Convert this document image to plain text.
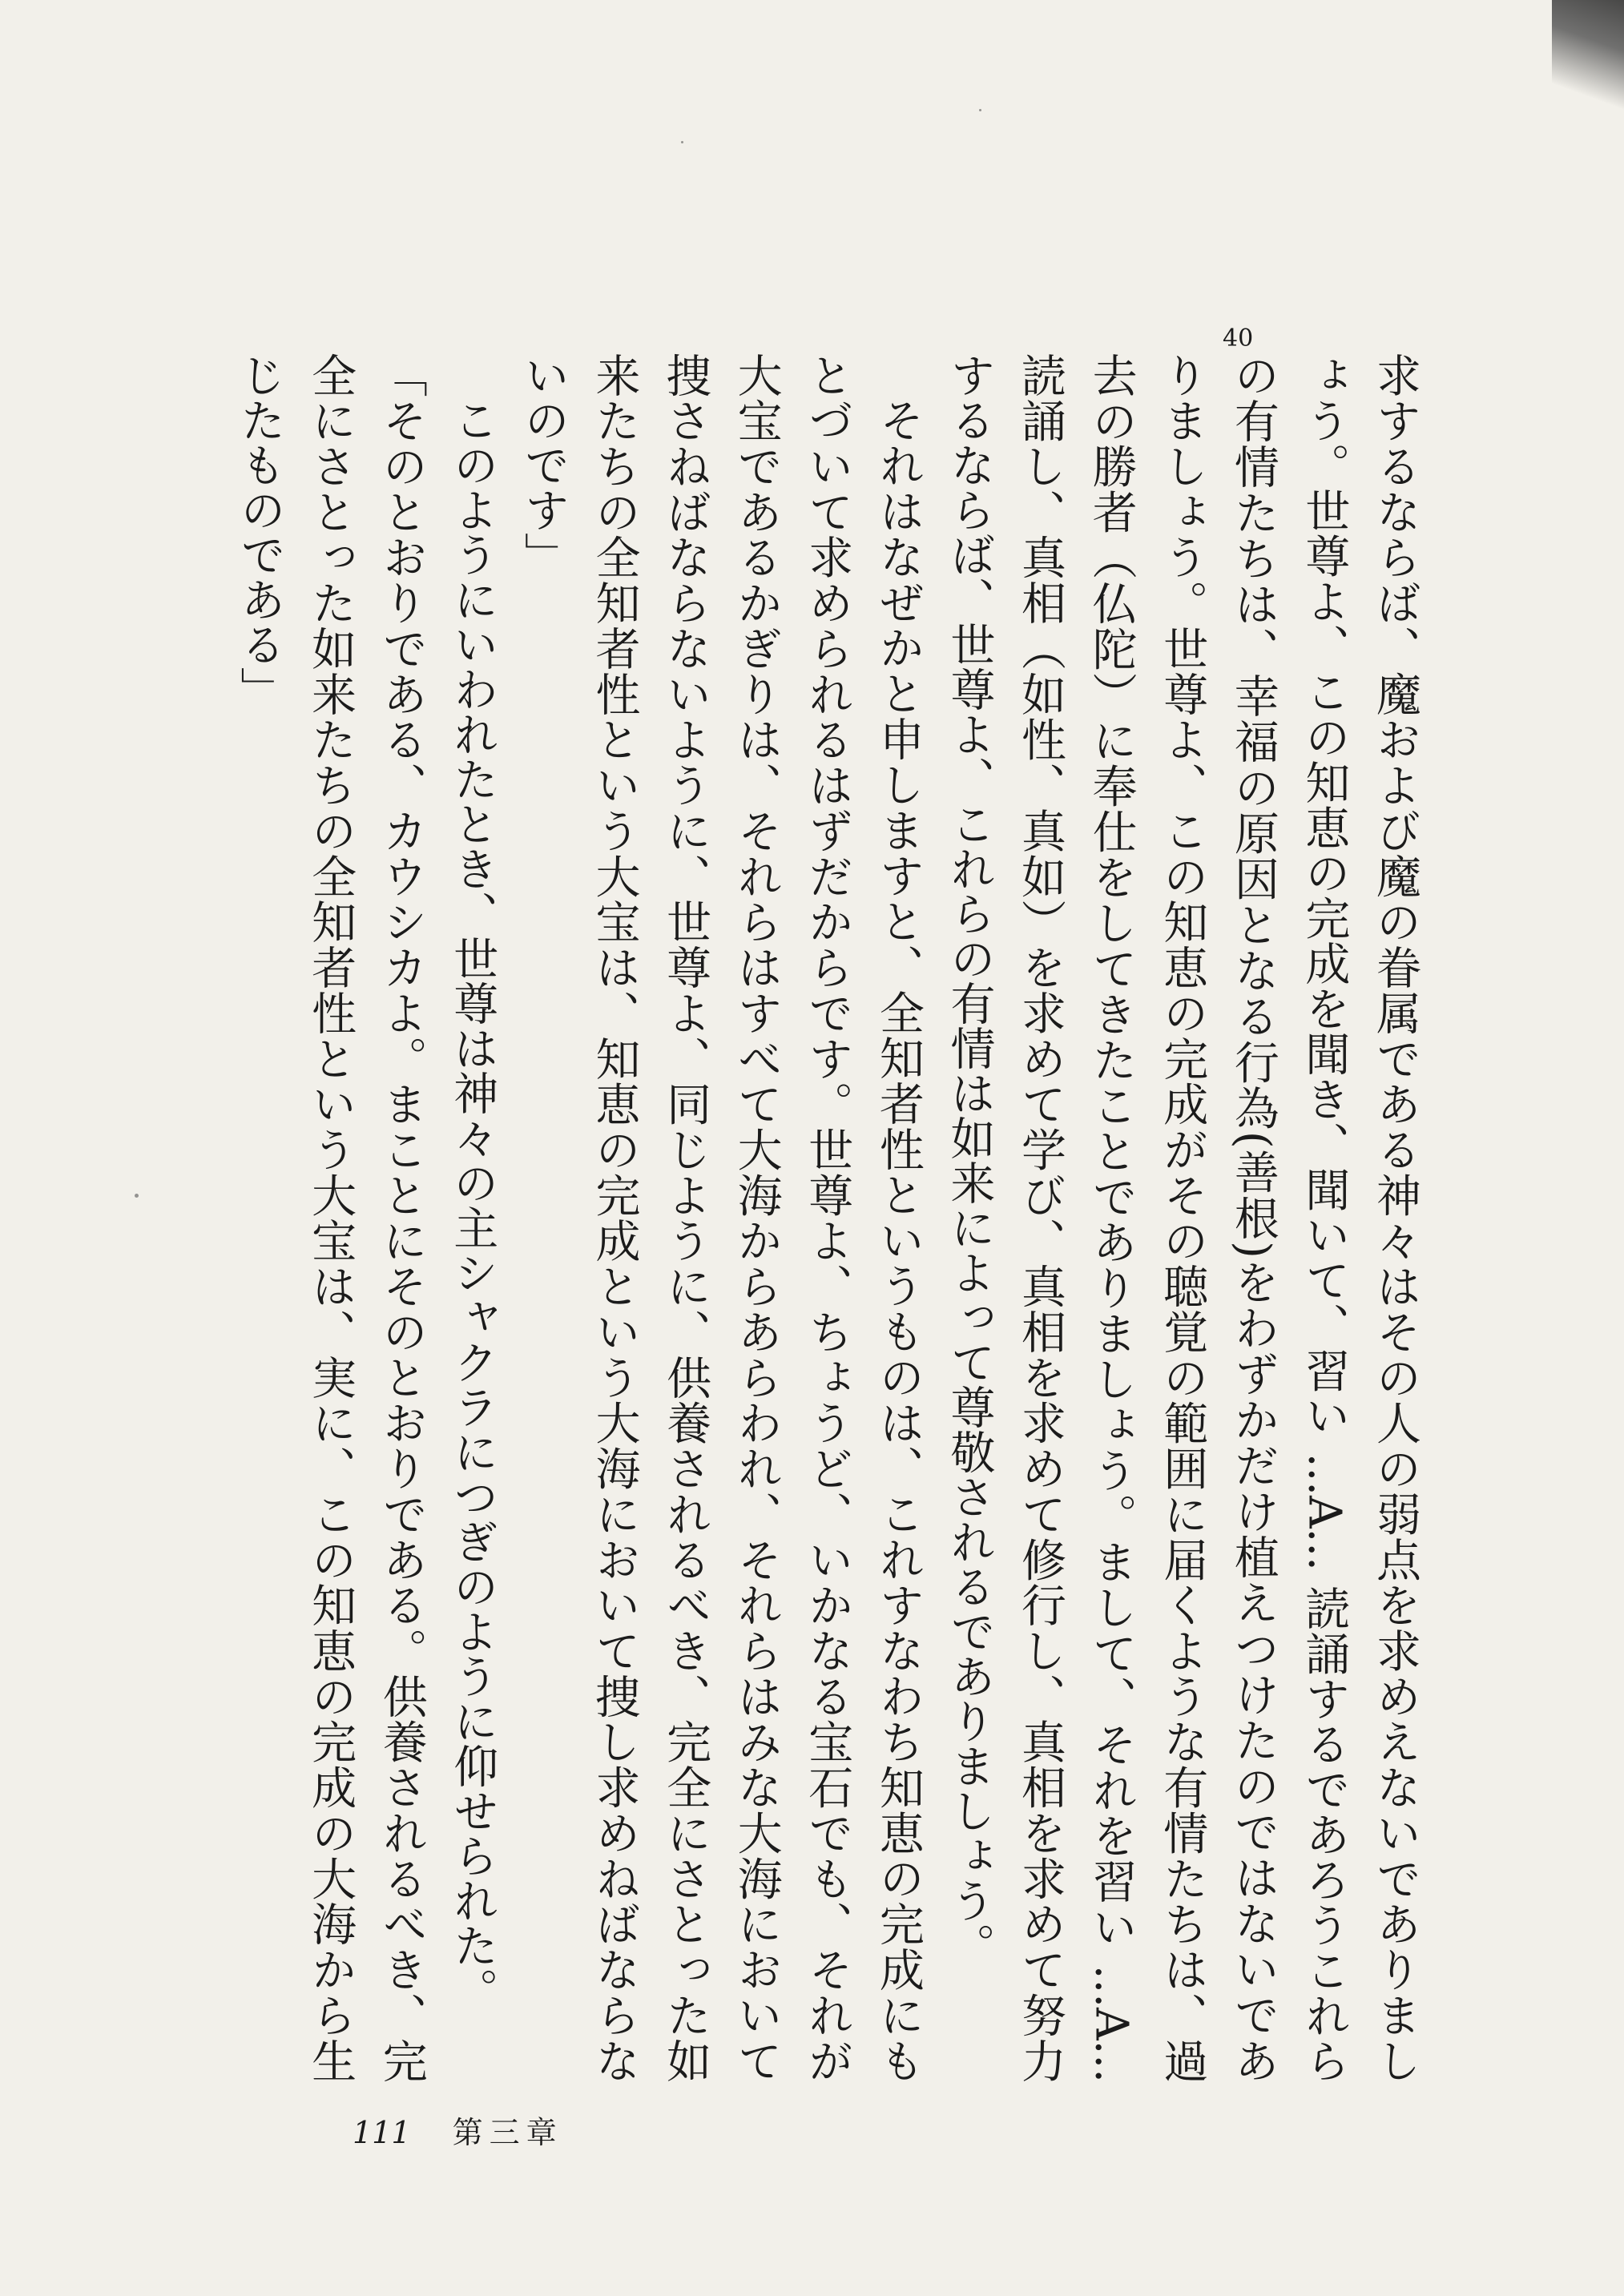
40

求するならば、魔および魔の眷属である神々はその人の弱点を求めえないでありましょう。世尊よ、この知恵の完成を聞き、聞いて、習い ...A... 読誦するであろうこれらの有情たちは、幸福の原因となる行為(善根)をわずかだけ植えつけたのではないでありましょう。世尊よ、この知恵の完成がその聴覚の範囲に届くような有情たちは、過去の勝者（仏陀）に奉仕をしてきたことでありましょう。まして、それを習い ...A... 読誦し、真相（如性、真如）を求めて学び、真相を求めて修行し、真相を求めて努力するならば、世尊よ、これらの有情は如来によって尊敬されるでありましょう。

それはなぜかと申しますと、全知者性というものは、これすなわち知恵の完成にもとづいて求められるはずだからです。世尊よ、ちょうど、いかなる宝石でも、それが大宝であるかぎりは、それらはすべて大海からあらわれ、それらはみな大海において捜さねばならないように、世尊よ、同じように、供養されるべき、完全にさとった如来たちの全知者性という大宝は、知恵の完成という大海において捜し求めねばならないのです」

このようにいわれたとき、世尊は神々の主シャクラにつぎのように仰せられた。

「そのとおりである、カウシカよ。まことにそのとおりである。供養されるべき、完全にさとった如来たちの全知者性という大宝は、実に、この知恵の完成の大海から生じたものである」

111 第三章
